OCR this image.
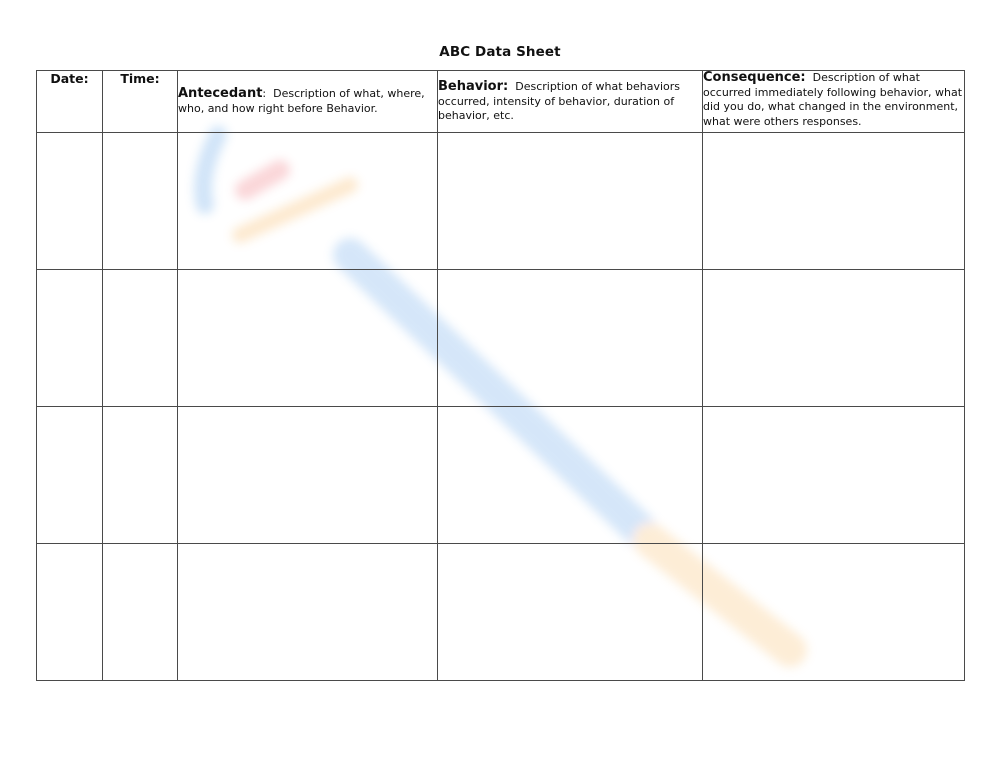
ABC Data Sheet
Date:	Time:	Antecedant: Description of what, where, who, and how right before Behavior.	Behavior: Description of what behaviors occurred, intensity of behavior, duration of behavior, etc.	Consequence: Description of what occurred immediately following behavior, what did you do, what changed in the environment, what were others responses.
